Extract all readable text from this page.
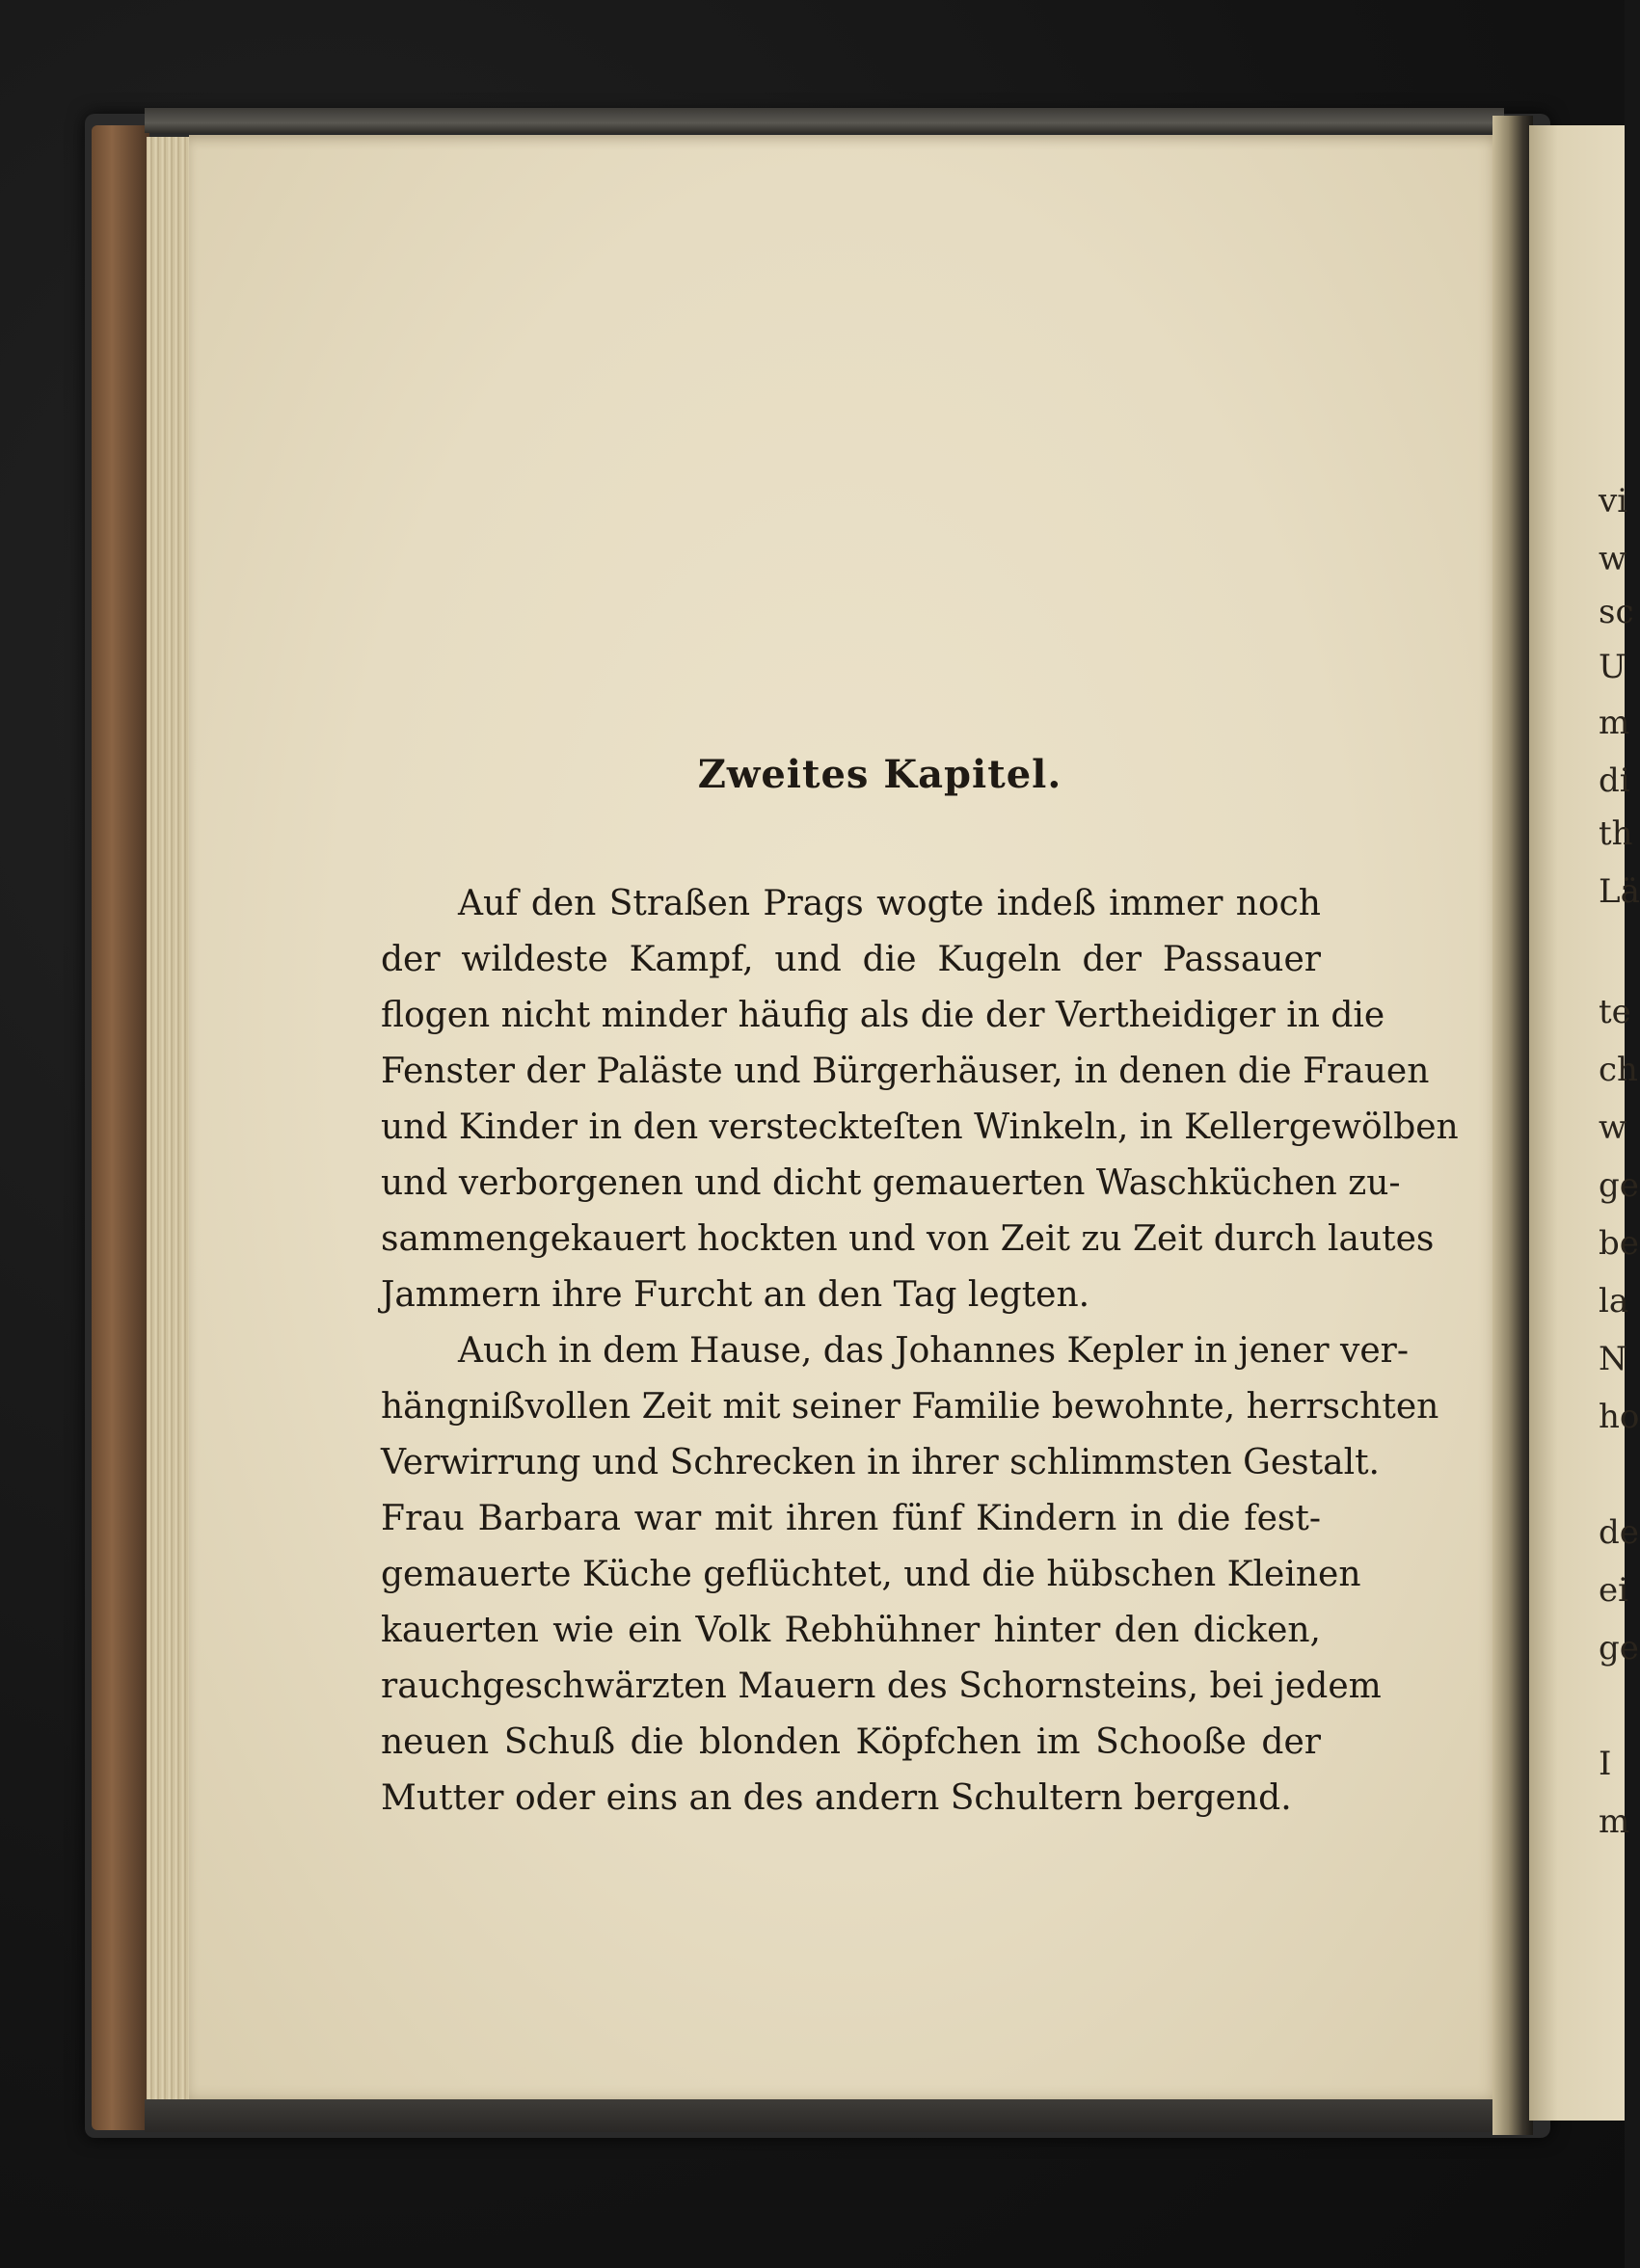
vi
w
sc
U
m
di
th
Lä
te
ch
w
ge
be
la
N
ho
de
ei
ge
I
m
Zweites Kapitel.

Auf den Straßen Prags wogte indeß immer noch
der wildeste Kampf, und die Kugeln der Passauer
flogen nicht minder häufig als die der Vertheidiger in die
Fenster der Paläste und Bürgerhäuser, in denen die Frauen
und Kinder in den versteckteſten Winkeln, in Kellergewölben
und verborgenen und dicht gemauerten Waschküchen zu-
sammengekauert hockten und von Zeit zu Zeit durch lautes
Jammern ihre Furcht an den Tag legten.

Auch in dem Hause, das Johannes Kepler in jener ver-
hängnißvollen Zeit mit seiner Familie bewohnte, herrschten
Verwirrung und Schrecken in ihrer schlimmsten Gestalt.
Frau Barbara war mit ihren fünf Kindern in die fest-
gemauerte Küche geflüchtet, und die hübschen Kleinen
kauerten wie ein Volk Rebhühner hinter den dicken,
rauchgeschwärzten Mauern des Schornsteins, bei jedem
neuen Schuß die blonden Köpfchen im Schooße der
Mutter oder eins an des andern Schultern bergend.
